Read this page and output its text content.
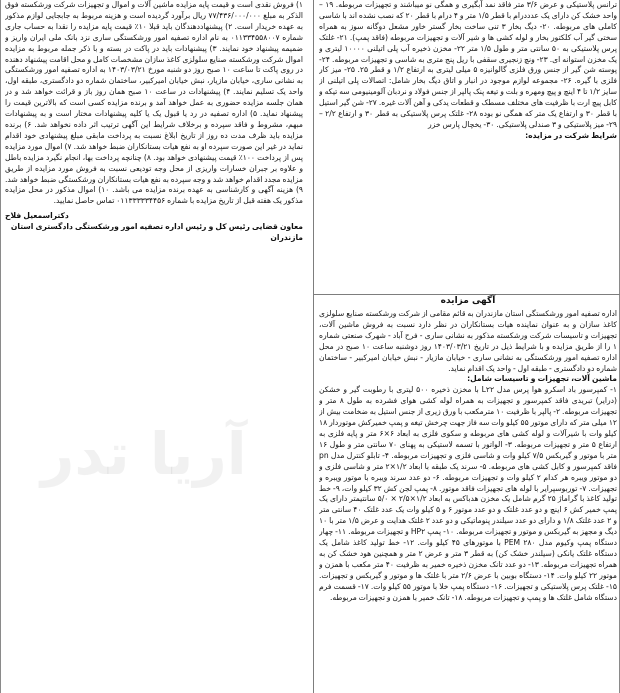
ترانس پلاستیکی و عرض ۳/۶ متر فاقد نمد آبگیری و همگی نو میباشند و تجهیزات مربوطه. ۱۹ – واحد خشک کن دارای یک عدددرام با قطر ۱/۵ متر و ۴ درام با قطر ۲۰ که نصب نشده اند با شاسی کاملی های مربوطه. ۲۰- دیگ بخار ۳ تنی ساخت بخار گستر خاور مشعل دوگانه سوز به همراه سختی گیر آب کلکتور بخار و لوله کشی ها و شیر آلات و تجهیزات مربوطه (فاقد پمپ). ۲۱- غلتک پرس پلاستیکی به ۵۰ سانتی متر و طول ۱/۵ متر ۲۲- مخزن ذخیره آب پلی اتیلنی ۱۰۰۰۰ لیتری و یک مخزن استوانه ای. ۲۳- ونچ زنجیری سقفی با ریل پنج متری به شاسی و تجهیزات مربوطه. ۲۴- پوسته شن گیر از جنس ورق فلزی گالوانیزه ۵ میلی لیتری به ارتفاع ۱/۲ و قطر ۲۵. ۲۵- میز کار فلزی با گیره. ۲۶- مجموعه لوازم موجود در انبار و اتاق دیگ بخار شامل: اتصالات پلی اتیلنی از سایز ۱/۲ تا ۴ اینچ و پیچ ومهره و بلت و تیغه پنک پالپر از جنس فولاد و نردبان آلومینیومی سه تیکه و کابل پیچ ارت با ظرفیت های مختلف مسطک و قطعات یدکی و آهن آلات غیره. ۲۷- شن گیر استیل با قطر ۳۰ و ارتفاع یک متر که همگی نو بوده ۲۸- غلتک پرس پلاستیکی به قطر ۳۰ و ارتفاع ۲/۲ – ۲۹- میز پلاستیکی و ۳ صندلی پلاستیکی. ۳۰- یخچال پارس خزر

شرایط شرکت در مزایده:

۱) فروش نقدی است و قیمت پایه مزایده ماشین آلات و اموال و تجهیزات شرکت ورشکسته فوق الذکر به مبلغ ۷۷/۴۳۶/۰۰۰/۰۰۰ ریال برآورد گردیده است و هزینه مربوط به جابجایی لوازم مذکور به عهده خریدار است. ۲) پیشنهاددهندگان باید قبلا ۱۰٪ قیمت پایه مزایده را نقدا به حساب جاری شماره ۰۱۱۳۳۴۵۵۸۰۰۷ به نام اداره تصفیه امور ورشکستگی ساری نزد بانک ملی ایران واریز و ضمیمه پیشنهاد خود نمایند. ۳) پیشنهادات باید در پاکت در بسته و با ذکر جمله مربوط به مزایده اموال شرکت ورشکسته صنایع سلولزی کاغذ سازان مشخصات کامل و محل اقامت پیشنهاد دهنده در روی پاکت تا ساعت ۱۰ صبح روز دو شنبه مورخ ۱۴۰۳/۰۳/۲۱ به اداره تصفیه امور ورشکستگی به نشانی ساری، خیابان مازیار، نبش خیابان امیرکبیر، ساختمان شماره دو دادگستری، طبقه اول، واحد یک تسلیم نمایند. ۴) پیشنهادات در ساعت ۱۰ صبح همان روز باز و قرائت خواهد شد و در همان جلسه مزایده حضوری به عمل خواهد آمد و برنده مزایده کسی است که بالاترین قیمت را پیشنهاد نماید. ۵) اداره تصفیه در رد یا قبول یک یا کلیه پیشنهادات مختار است و به پیشنهادات مبهم، مشروط و فاقد سپرده و برخلاف شرایط این آگهی ترتیب اثر داده نخواهد شد. ۶) برنده مزایده باید ظرف مدت ده روز از تاریخ ابلاغ نسبت به پرداخت مابقی مبلغ پیشنهادی خود اقدام نماید در غیر این صورت سپرده او به نفع هیات بستانکاران ضبط خواهد شد. ۷) اموال مورد مزایده پس از پرداخت ۱۰۰٪ قیمت پیشنهادی خواهد بود. ۸) چنانچه پرداخت بها، انجام نگیرد مزایده باطل و علاوه بر جبران خسارات واریزی از محل وجه تودیعی نسبت به فروش مورد مزایده از طریق مزایده مجدد اقدام خواهد شد و وجه سپرده به نفع هیات بستانکاران ورشکستگی ضبط خواهد شد. ۹) هزینه آگهی و کارشناسی به عهده برنده مزایده می باشد. ۱۰) اموال مذکور در محل مزایده مذکور یک هفته قبل از تاریخ مزایده با شماره ۰۱۱۳۳۳۳۳۴۴۵۶ تماس حاصل نمایید.

دکتراسمعیل فلاح

معاون قضایی رئیس کل و رئیس اداره تصفیه امور ورشکستگی دادگستری استان مازندران

آگهی مزایده

اداره تصفیه امور ورشکستگی استان مازندران به قائم مقامی از شرکت ورشکسته صنایع سلولزی کاغذ سازان و به عنوان نماینده هیات بستانکاران در نظر دارد نسبت به فروش ماشین آلات، تجهیزات و تاسیسات شرکت ورشکسته مذکور به نشانی ساری - فرح آباد - شهرک صنعتی شماره ۱ را از طریق مزایده و با شرایط ذیل در تاریخ ۱۴۰۳/۰۳/۲۱ روز دوشنبه ساعت ۱۰ صبح در محل اداره تصفیه امور ورشکستگی به نشانی ساری - خیابان مازیار - نبش خیابان امیرکبیر - ساختمان شماره دو دادگستری - طبقه اول - واحد یک اقدام نماید.

ماشین آلات، تجهیزات و تاسیسات شامل:

۱- کمپرسور باد اسکرو هوا پرس مدل L۲۲ با مخزن ذخیره ۵۰۰ لیتری با رطوبت گیر و خشکن (درایر) تبریدی فاقد کمپرسور و تجهیزات به همراه لوله کشی هوای فشرده به طول ۸ متر و تجهیزات مربوطه. ۲- پالپر با ظرفیت ۱۰ مترمکعب با ورق زیری از جنس استیل به ضخامت بیش از ۱۲ میلی متر که دارای موتور ۵۵ کیلو وات سه فاز جهت چرخش تیغه و پمپ خمیرکش موتوردار ۱۸ کیلو وات با شیرآلات و لوله کشی های مربوطه و سکوی فلزی به ابعاد ۶×۶ متر و پایه فلزی به ارتفاع ۵ متر و تجهیزات مربوطه. ۳- الواتور با تسمه لاستیکی به پهنای ۷۰ سانتی متر و طول ۱۶ متر با موتور و گیربکس ۷/۵ کیلو وات و شاسی فلزی و تجهیزات مربوطه. ۴- تابلو کنترل مدل pn فاقد کمپرسور و کابل کشی های مربوطه. ۵- سرند یک طبقه با ابعاد ۱/۲×۲ متر و شاسی فلزی و دو موتور ویبره هر کدام ۲ کیلو وات و تجهیزات مربوطه. ۶- دو عدد سرند ویبره با موتور ویبره و تجهیزات. ۷- توربوسپرایر با لوله های تجهیزات فاقد موتور. ۸- پمپ لجن کش ۳۲ کیلو وات، ۹- خط تولید کاغذ با گراماژ ۲۵ گرم شامل یک مخزن هدباکس به ابعاد ۱/۲×۲/۵ × ۵/۰ سانتیمتر دارای یک پمپ خمیر کش ۶ اینچ و دو عدد غلتک و دو عدد موتور ۶ و ۵ کیلو وات یک عدد غلتک ۴۰ سانتی متر و ۲ عدد غلتک ۱/۸ و دارای دو عدد سیلندر پنوماتیکی و دو عدد ۲ غلتک هدایت و عرض ۱/۵ متر با ۱۰ دیگ و مجهز به گیربکس و موتور و تجهیزات مربوطه. ۱۰- پمپ HP۲ و تجهیزات مربوطه. ۱۱- چهار دستگاه پمپ وکیوم مدل PEM ۲۸۰ با موتورهای ۴۵ کیلو وات. ۱۲- خط تولید کاغذ شامل یک دستگاه غلتک یانکی (سیلندر خشک کن) به قطر ۳ متر و عرض ۲ متر و همچنین هود خشک کن به همراه تجهیزات مربوطه. ۱۳- دو عدد تانک مخزن ذخیره خمیر به ظرفیت ۴۰ متر مکعب با همزن و موتور ۲۲ کیلو وات. ۱۴- دستگاه بوبین با عرض ۲/۶ متر با غلتک ها و موتور و گیربکس و تجهیزات. ۱۵- غلتک پرس پلاستیکی و تجهیزات. ۱۶- دستگاه پمپ خلا با موتور ۵۵ کیلو وات. ۱۷- قسمت فرم دستگاه شامل غلتک ها و پمپ و تجهیزات مربوطه. ۱۸- تانک خمیر با همزن و تجهیزات مربوطه.

آریا تدر
